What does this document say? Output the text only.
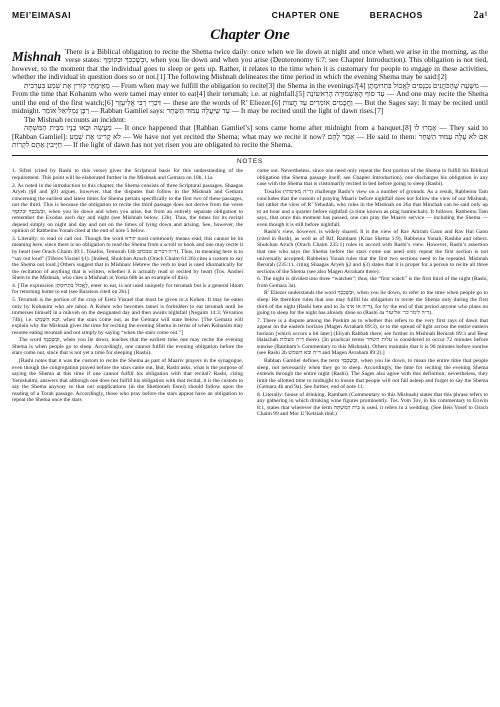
MEI’EIMASAI	CHAPTER ONE	BERACHOS	2a¹
Chapter One
Mishnah There is a Biblical obligation to recite the Shema twice daily: once when we lie down at night and once when we arise in the morning, as the verse states: וּבְשָׁכְבְּךָ וּבְקוּמֶךָ, when you lie down and when you arise (Deuteronomy 6:7; see Chapter Introduction). This obligation is not tied, however, to the moment that the individual goes to sleep or gets up. Rather, it relates to the time when it is customary for people to engage in these activities, whether the individual in question does so or not.[1] The following Mishnah delineates the time period in which the evening Shema may be said:[2]

מֵאֵימָתַי קוֹרִין אֶת שְׁמַע בְּעַרְבִית — From when may we fulfill the obligation to recite[3] the Shema in the evenings?[4] מִשָּׁעָה שֶׁהַכֹּהֲנִים נִכְנָסִים לֶאֱכוֹל בִּתְרוּמָתָן — From the time that Kohanim who were tamei may enter to eat[4] their terumah; i.e. at nightfall.[5] עַד סוֹף הָאַשְׁמוּרָה הָרִאשׁוֹנָה — And one may recite the Shema until the end of the first watch;[6] דִּבְרֵי רַבִּי אֱלִיעֶזֶר — these are the words of R’ Eliezer.[6] וַחֲכָמִים אוֹמְרִים עַד חֲצוֹת — But the Sages say: It may be recited until midnight. רַבָּן גַּמְלִיאֵל אוֹמֵר — Rabban Gamliel says: עַד שֶׁיַּעֲלֶה עַמּוּד הַשַּׁחַר — It may be recited until the light of dawn rises.[7]

The Mishnah recounts an incident:

מַעֲשֶׂה וּבָאוּ בָנָיו מִבֵּית הַמִּשְׁתֶּה — It once happened that [Rabban Gamliel’s] sons came home after midnight from a banquet.[8] אָמְרוּ לוֹ — They said to [Rabban Gamliel]: לֹא קָרִינוּ אֶת שְׁמַע — We have not yet recited the Shema; what may we recite it now? אָמַר לָהֶם — He said to them: אִם לֹא עָלָה עַמּוּד הַשַּׁחַר חַיָּיבִין אַתֶּם לִקְרוֹת — If the light of dawn has not yet risen you are obligated to recite the Shema.

NOTES

1. Sifrei (cited by Rashi to this verse) gives the Scriptural basis for this understanding of the requirement. This point will be elaborated further in the Mishnah and Gemara on 10b, 11a.

2. As noted in the introduction to this chapter, the Shema consists of three Scriptural passages. Shaagas Aryeh (§8 and §9) argues, however, that the disputes that follow in the Mishnah and Gemara concerning the earliest and latest times for Shema pertain specifically to the first two of these passages, not the third. This is because the obligation to recite the third passage does not derive from the verse וּבְשָׁכְבְּךָ וּבְקוּמֶךָ, when you lie down and when you arise, but from an entirely separate obligation to remember the Exodus each day and night (see Mishnah below, 12b). Thus, the times for its recital depend simply on night and day and not on the times of lying down and arising. See, however, the opinion of Rabbeinu Yonah cited at the end of note 5 below.

3. Literally: to read or call out. Though the word קורא most commonly means read, this cannot be its meaning here, since there is no obligation to read the Shema from a scroll or book and one may recite it by heart (see Orach Chaim 49:1, Tosafos, Temurah 14b ד״ה דברים שבכתב). Thus, its meaning here is to “say out loud” (Tiferes Yisrael §1). [Indeed, Shulchan Aruch (Orach Chaim 61:26) cites a custom to say the Shema out loud.] Others suggest that in Mishnaic Hebrew the verb to read is used idiomatically for the recitation of anything that is written, whether it is actually read or recited by heart (Tos. Anshei Shem to the Mishnah, who cites a Mishnah in Yoma 68b as an example of this).

4. [The expression לֶאֱכוֹל בִּתְרוּמָתָן, enter to eat, is not used uniquely for terumah but is a general idiom for returning home to eat (see Baraisos cited on 2b).]

5. Terumah is the portion of the crop of Eretz Yisrael that must be given to a Kohen. It may be eaten only by Kohanim who are tahor. A Kohen who becomes tamei is forbidden to eat terumah until he immerses himself in a mikveh on the designated day and then awaits nightfall (Negaim 14:3; Yevamos 74b), i.e. וּבָא הַשֶּׁמֶשׁ, when the stars come out, as the Gemara will state below. [The Gemara will explain why the Mishnah gives the time for reciting the evening Shema in terms of when Kohanim may resume eating terumah and not simply by saying “when the stars come out.”]

The word וּבְשָׁכְבְּךָ, when you lie down, teaches that the earliest time one may recite the evening Shema is when people go to sleep. Accordingly, one cannot fulfill the evening obligation before the stars come out, since that is not yet a time for sleeping (Rashi).

[Rashi notes that it was the custom to recite the Shema as part of Maariv prayers in the synagogue, even though the congregation prayed before the stars came out. But, Rashi asks, what is the purpose of saying the Shema at this time if one cannot fulfill his obligation with that recital? Rashi, citing Yerushalmi, answers that although one does not fulfill his obligation with that recital, it is the custom to say the Shema anyway so that our supplications (in the Shemoneh Esrei) should follow upon the reading of a Torah passage. Accordingly, those who pray before the stars appear have an obligation to repeat the Shema once the stars

come out. Nevertheless, since one need only repeat the first portion of the Shema to fulfill his Biblical obligation (the Shema passage itself; see Chapter Introduction), one discharges his obligation in any case with the Shema that is customarily recited in bed before going to sleep (Rashi).

Tosafos (ד״ה מאימתי) challenge Rashi’s view on a number of grounds. As a result, Rabbeinu Tam concludes that the custom of praying Maariv before nightfall does not follow the view of our Mishnah, but rather the view of R’ Yehudah, who rules in the Mishnah on 26a that Minchah can be said only up to an hour and a quarter before nightfall (a time known as plag haminchah). It follows, Rabbeinu Tam says, that once this moment has passed, one can pray the Maariv service — including the Shema — even though it is still before nightfall.

Rashi’s view, however, is widely shared. It is the view of Rav Amram Gaon and Rav Hai Gaon (cited in Rosh), as well as of Rif, Rambam (Krias Shema 1:9), Rabbeinu Yonah, Rashba and others. Shulchan Aruch (Orach Chaim 235:1) rules in accord with Rashi’s view. However, Rashi’s assertion that one who says the Shema before the stars come out need only repeat the first section is not universally accepted; Rabbeinu Yonah rules that the first two sections need to be repeated. Mishnah Berurah (235:11, citing Shaagas Aryeh §2 and §3) states that it is proper for a person to recite all three sections of the Shema (see also Magen Avraham there).

6. The night is divided into three “watches”; thus, the “first watch” is the first third of the night (Rashi, from Gemara 3a).

R’ Eliezer understands the word וּבְשָׁכְבְּךָ, when you lie down, to refer to the time when people go to sleep. He therefore rules that one may fulfill his obligation to recite the Shema only during the first third of the night (Rashi here and to 3a ד״ה או אינו), for by the end of that period anyone who plans on going to sleep for the night has already done so (Rashi 4a ד״ה לימר כר׳ אליעזר).

7. There is a dispute among the Poskim as to whether this refers to the very first rays of dawn that appear on the eastern horizon (Magen Avraham 89:3), or to the spread of light across the entire eastern horizon [which occurs a bit later] (Eliyah Rabbah there; see further in Mishnah Berurah 89:3 and Beur Halachah ד״ה מעלות there). [In practical terms עלות השחר is considered to occur 72 minutes before sunrise (Rambam’s Commentary to this Mishnah). Others maintain that it is 90 minutes before sunrise (see Rashi 2b ד״ה ובא השמש and Magen Avraham 89:2).]

Rabban Gamliel defines the term וּבְשָׁכְבְּךָ, when you lie down, to mean the entire time that people sleep, not necessarily when they go to sleep. Accordingly, the time for reciting the evening Shema extends through the entire night (Rashi). The Sages also agree with this definition; nevertheless, they limit the allotted time to midnight to insure that people will not fall asleep and forget to say the Shema (Gemara 4b and 9a). See further, end of note 11.

8. Literally: house of drinking. Rambam (Commentary to this Mishnah) states that this phrase refers to any gathering in which drinking wine figures prominently. Tos. Yom Tov, in his commentary to Eruvin 8:1, states that wherever the term בֵּית הַמִּשְׁתֶּה is used, it refers to a wedding. (See Beis Yosef to Orach Chaim 99 and Mor U’Ketziah ibid.)
